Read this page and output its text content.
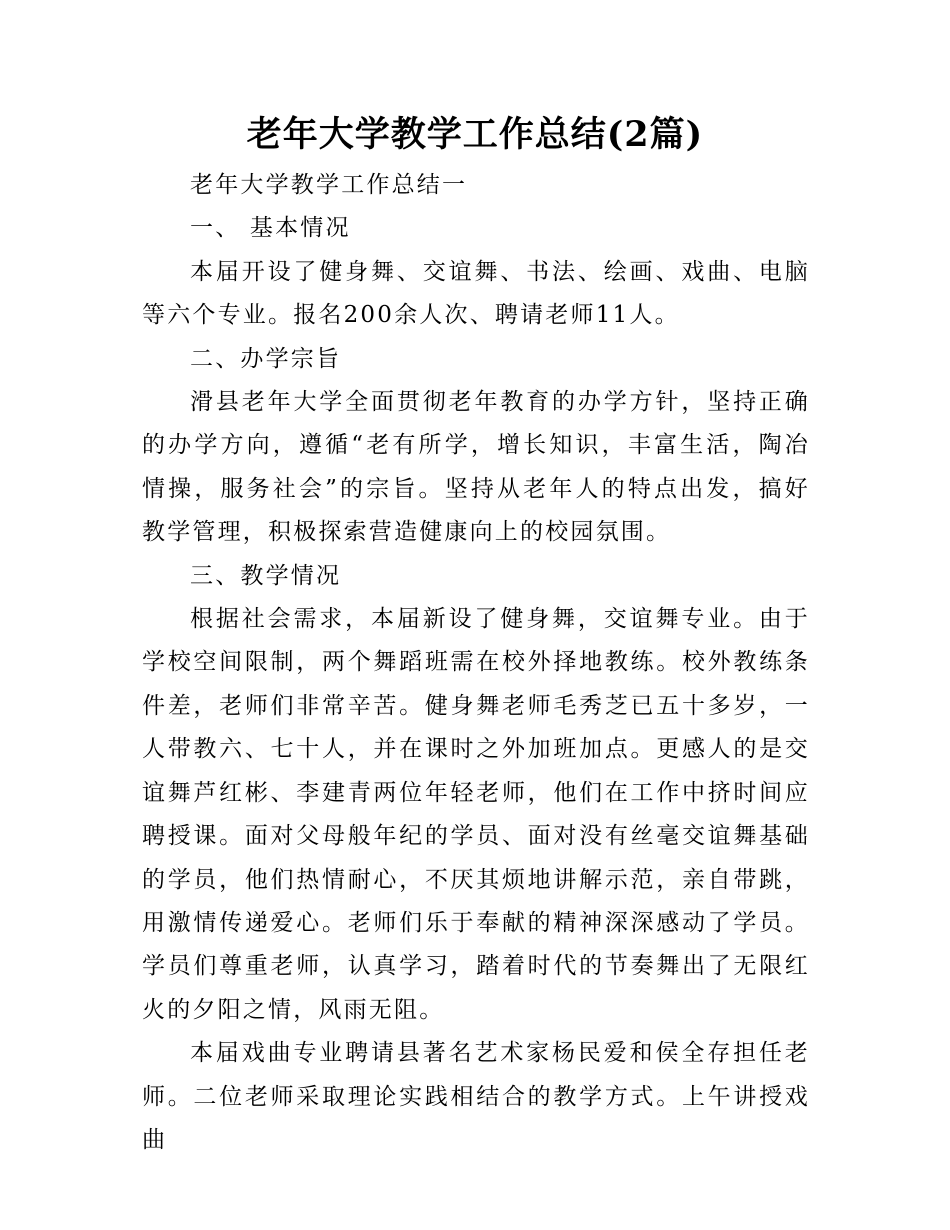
老年大学教学工作总结(2篇)

老年大学教学工作总结一

一、 基本情况

本届开设了健身舞、交谊舞、书法、绘画、戏曲、电脑等六个专业。报名200余人次、聘请老师11人。

二、办学宗旨

滑县老年大学全面贯彻老年教育的办学方针，坚持正确的办学方向，遵循“老有所学，增长知识，丰富生活，陶冶情操，服务社会”的宗旨。坚持从老年人的特点出发，搞好教学管理，积极探索营造健康向上的校园氛围。

三、教学情况

根据社会需求，本届新设了健身舞，交谊舞专业。由于学校空间限制，两个舞蹈班需在校外择地教练。校外教练条件差，老师们非常辛苦。健身舞老师毛秀芝已五十多岁，一人带教六、七十人，并在课时之外加班加点。更感人的是交谊舞芦红彬、李建青两位年轻老师，他们在工作中挤时间应聘授课。面对父母般年纪的学员、面对没有丝毫交谊舞基础的学员，他们热情耐心，不厌其烦地讲解示范，亲自带跳，用激情传递爱心。老师们乐于奉献的精神深深感动了学员。学员们尊重老师，认真学习，踏着时代的节奏舞出了无限红火的夕阳之情，风雨无阻。

本届戏曲专业聘请县著名艺术家杨民爱和侯全存担任老师。二位老师采取理论实践相结合的教学方式。上午讲授戏曲
